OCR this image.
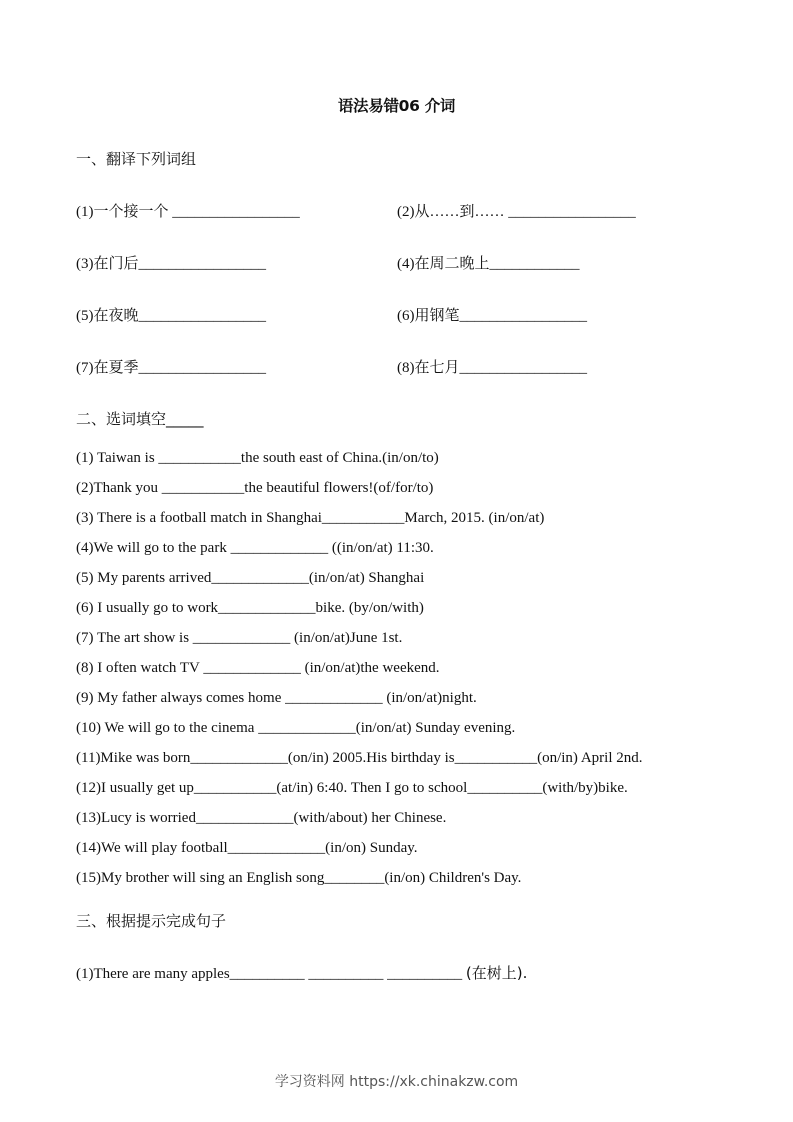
语法易错06 介词
一、翻译下列词组
(1)一个接一个 _________________	(2)从……到…… _________________
(3)在门后_________________	(4)在周二晚上____________
(5)在夜晚_________________	(6)用钢笔_________________
(7)在夏季_________________	(8)在七月_________________
二、选词填空_____
(1) Taiwan is ___________the south east of China.(in/on/to)
(2)Thank you ___________the beautiful flowers!(of/for/to)
(3) There is a football match in Shanghai___________March, 2015. (in/on/at)
(4)We will go to the park _____________ ((in/on/at) 11:30.
(5) My parents arrived_____________(in/on/at) Shanghai
(6) I usually go to work_____________bike. (by/on/with)
(7) The art show is _____________ (in/on/at)June 1st.
(8) I often watch TV _____________ (in/on/at)the weekend.
(9) My father always comes home _____________ (in/on/at)night.
(10) We will go to the cinema _____________(in/on/at) Sunday evening.
(11)Mike was born_____________(on/in) 2005.His birthday is___________(on/in) April 2nd.
(12)I usually get up___________(at/in) 6:40. Then I go to school__________(with/by)bike.
(13)Lucy is worried_____________(with/about) her Chinese.
(14)We will play football_____________(in/on) Sunday.
(15)My brother will sing an English song________(in/on) Children's Day.
三、根据提示完成句子
(1)There are many apples__________ __________ __________ (在树上).
学习资料网 https://xk.chinakzw.com
